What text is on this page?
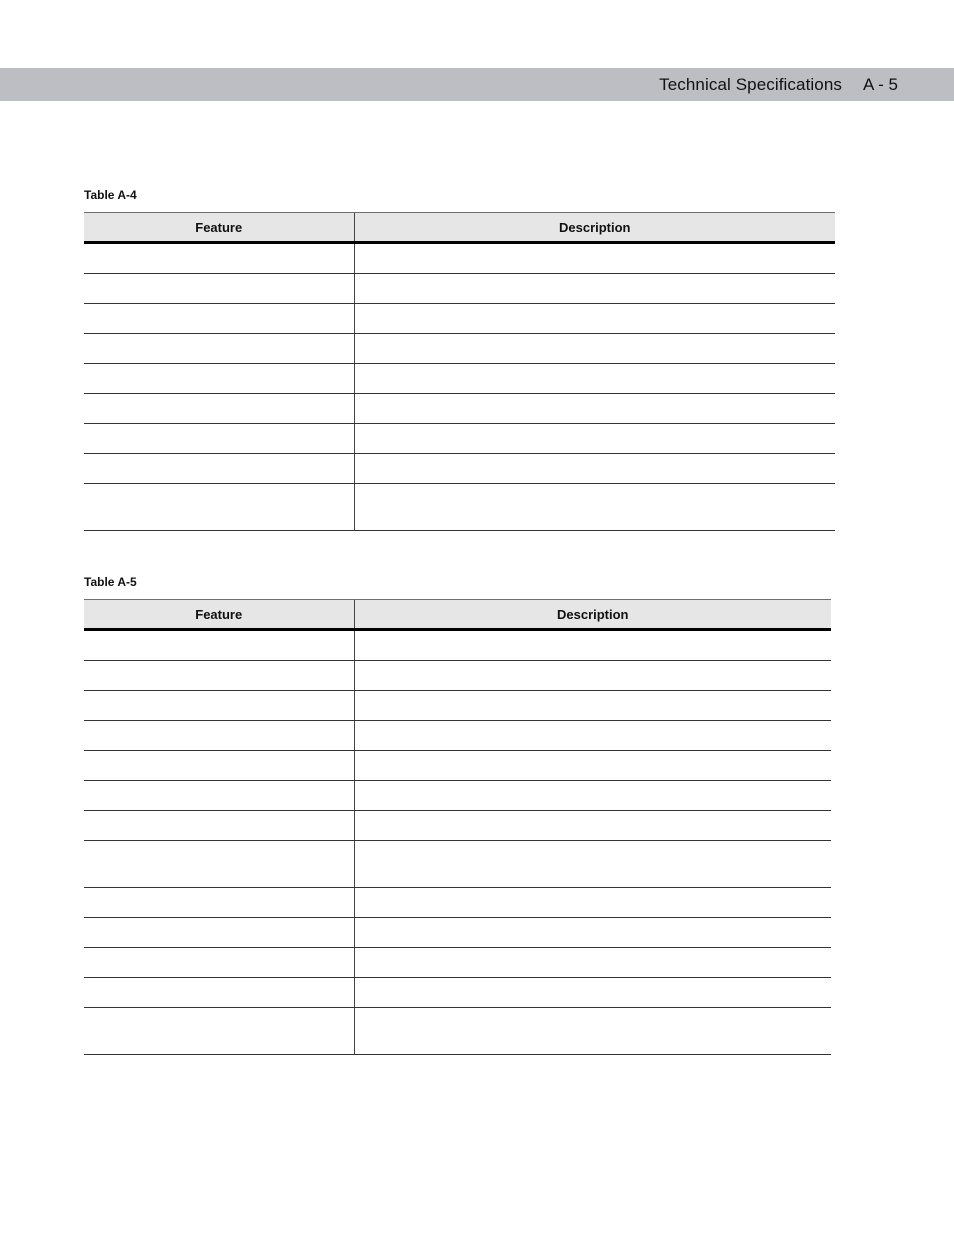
Technical Specifications A - 5
Table A-4
Feature	Description

Table A-5
Feature	Description
